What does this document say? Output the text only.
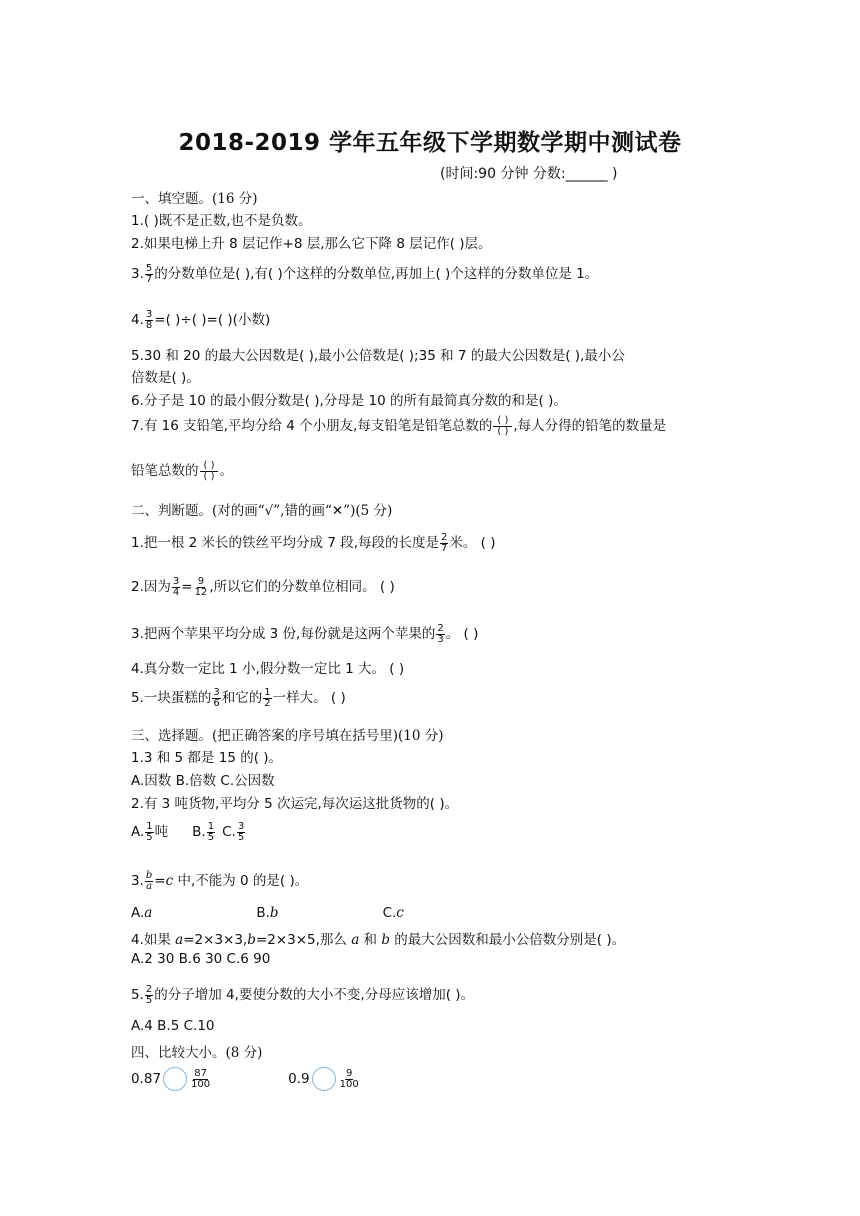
2018-2019 学年五年级下学期数学期中测试卷
(时间:90 分钟 分数:______ )
一、填空题。(16 分)
1.( )既不是正数,也不是负数。
2.如果电梯上升 8 层记作+8 层,那么它下降 8 层记作( )层。
3. $\frac{5}{7}$ 的分数单位是( ),有( )个这样的分数单位,再加上( )个这样的分数单位是 1。
4. $\frac{3}{8}$ =( )÷( )=( )(小数)
5.30 和 20 的最大公因数是( ),最小公倍数是( );35 和 7 的最大公因数是( ),最小公
倍数是( )。
6.分子是 10 的最小假分数是( ),分母是 10 的所有最简真分数的和是( )。
7.有 16 支铅笔,平均分给 4 个小朋友,每支铅笔是铅笔总数的 $\frac{( )}{( )}$ ,每人分得的铅笔的数量是
铅笔总数的 $\frac{( )}{( )}$ 。
二、判断题。(对的画“√”,错的画“✕”)(5 分)
1.把一根 2 米长的铁丝平均分成 7 段,每段的长度是 $\frac{2}{7}$ 米。 ( )
2.因为 $\frac{3}{4} = \frac{9}{12}$ ,所以它们的分数单位相同。 ( )
3.把两个苹果平均分成 3 份,每份就是这两个苹果的 $\frac{2}{3}$ 。 ( )
4.真分数一定比 1 小,假分数一定比 1 大。 ( )
5.一块蛋糕的 $\frac{3}{6}$ 和它的 $\frac{1}{2}$ 一样大。 ( )
三、选择题。(把正确答案的序号填在括号里)(10 分)
1.3 和 5 都是 15 的( )。
A.因数 B.倍数 C.公因数
2.有 3 吨货物,平均分 5 次运完,每次运这批货物的( )。
A. $\frac{1}{5}$ 吨 B. $\frac{1}{5} C$. $\frac{3}{5}$
3. $\frac{b}{a} =c$ 中,不能为 0 的是( )。
A.a	B.b	C.c
4.如果 a=2×3×3,b=2×3×5,那么 a 和 b 的最大公因数和最小公倍数分别是( )。
A.2 30 B.6 30 C.6 90
5. $\frac{2}{5}$ 的分子增加 4,要使分数的大小不变,分母应该增加( )。
A.4 B.5 C.10
四、比较大小。(8 分)
0.87	$\frac{87}{100}$	0.9	$\frac{9}{100}$
